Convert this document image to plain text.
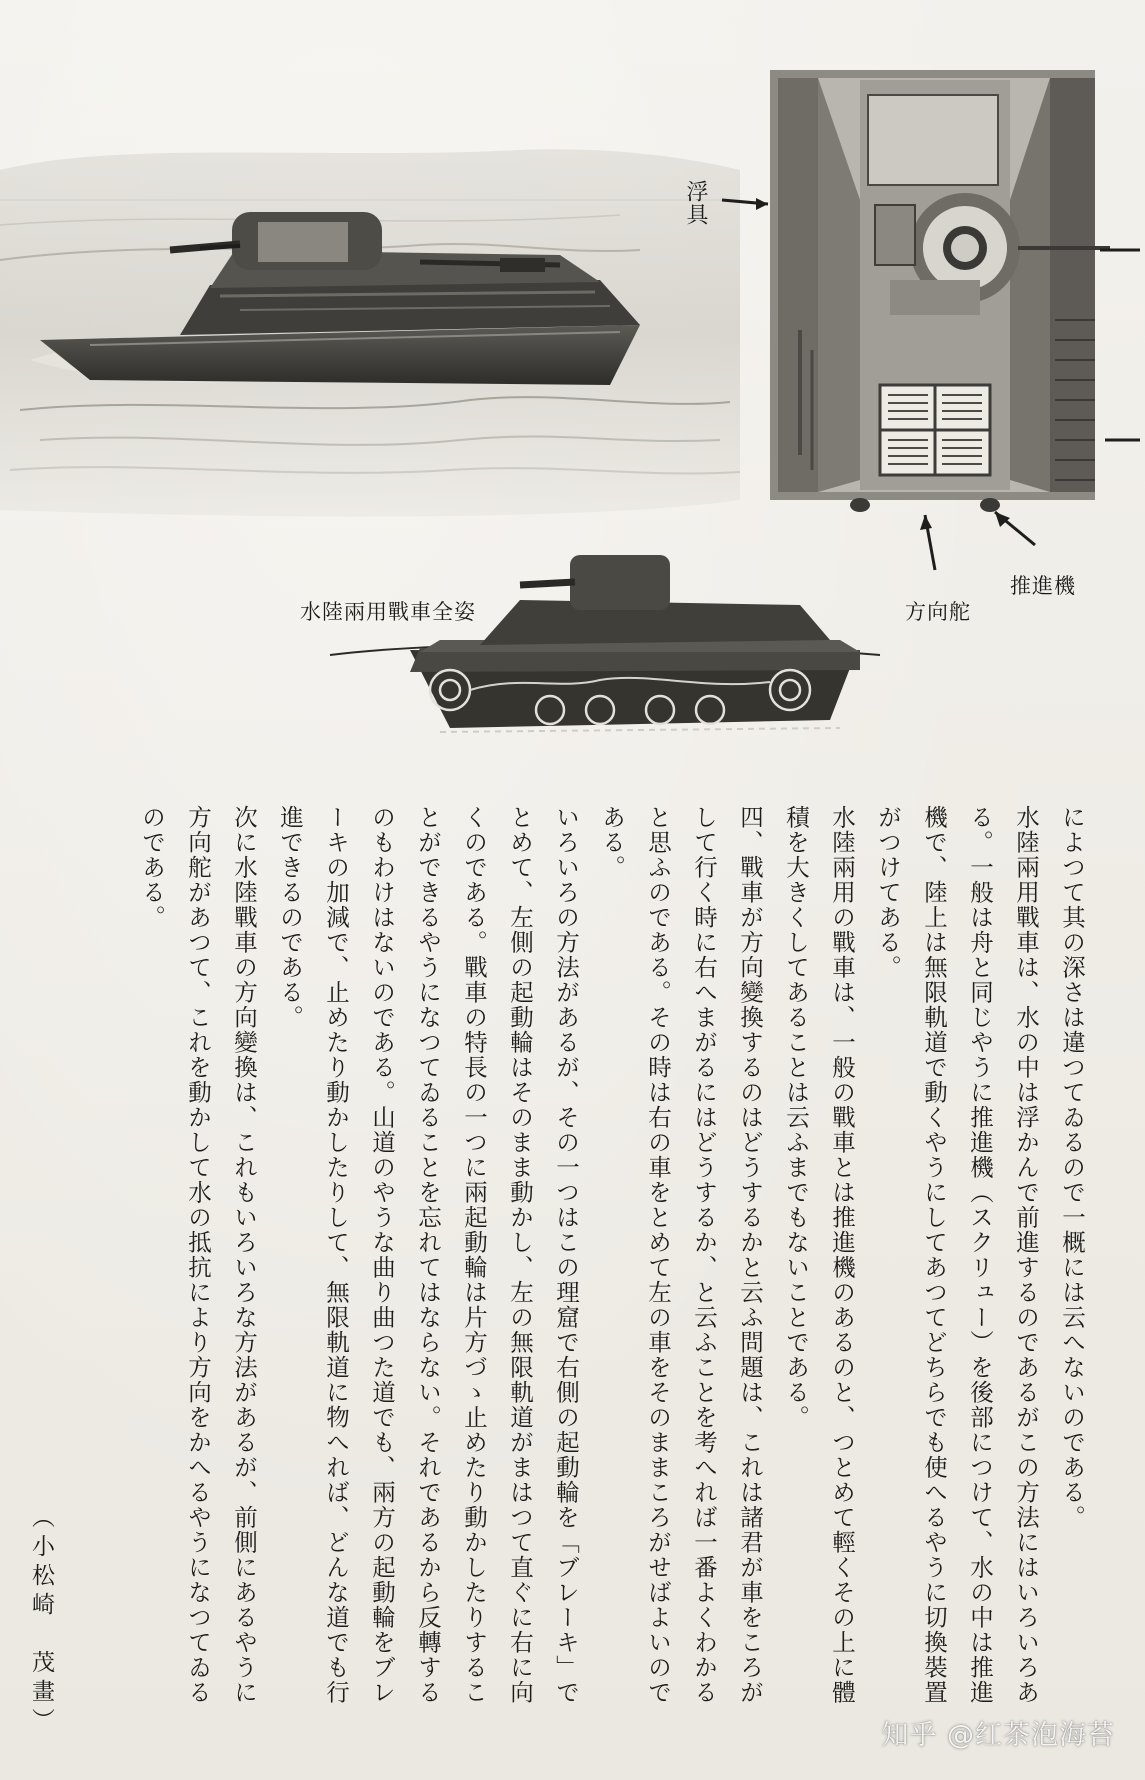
浮具
水陸兩用戰車全姿	方向舵
推進機

によつて其の深さは違つてゐるので一概には云へないのである。

水陸兩用戰車は、水の中は浮かんで前進するのであるがこの方法にはいろいろある。一般は舟と同じやうに推進機（スクリュー）を後部につけて、水の中は推進機で、陸上は無限軌道で動くやうにしてあつてどちらでも使へるやうに切換裝置がつけてある。

水陸兩用の戰車は、一般の戰車とは推進機のあるのと、つとめて輕くその上に體積を大きくしてあることは云ふまでもないことである。

四、戰車が方向變換するのはどうするかと云ふ問題は、これは諸君が車をころがして行く時に右へまがるにはどうするか、と云ふことを考へれば一番よくわかると思ふのである。その時は右の車をとめて左の車をそのままころがせばよいのである。

いろいろの方法があるが、その一つはこの理窟で右側の起動輪を「ブレーキ」でとめて、左側の起動輪はそのまま動かし、左の無限軌道がまはつて直ぐに右に向くのである。戰車の特長の一つに兩起動輪は片方づゝ止めたり動かしたりすることができるやうになつてゐることを忘れてはならない。それであるから反轉するのもわけはないのである。山道のやうな曲り曲つた道でも、兩方の起動輪をブレーキの加減で、止めたり動かしたりして、無限軌道に物へれば、どんな道でも行進できるのである。

次に水陸戰車の方向變換は、これもいろいろな方法があるが、前側にあるやうに方向舵があつて、これを動かして水の抵抗により方向をかへるやうになつてゐるのである。

（小松崎　茂畫）	知乎 @红茶泡海苔
